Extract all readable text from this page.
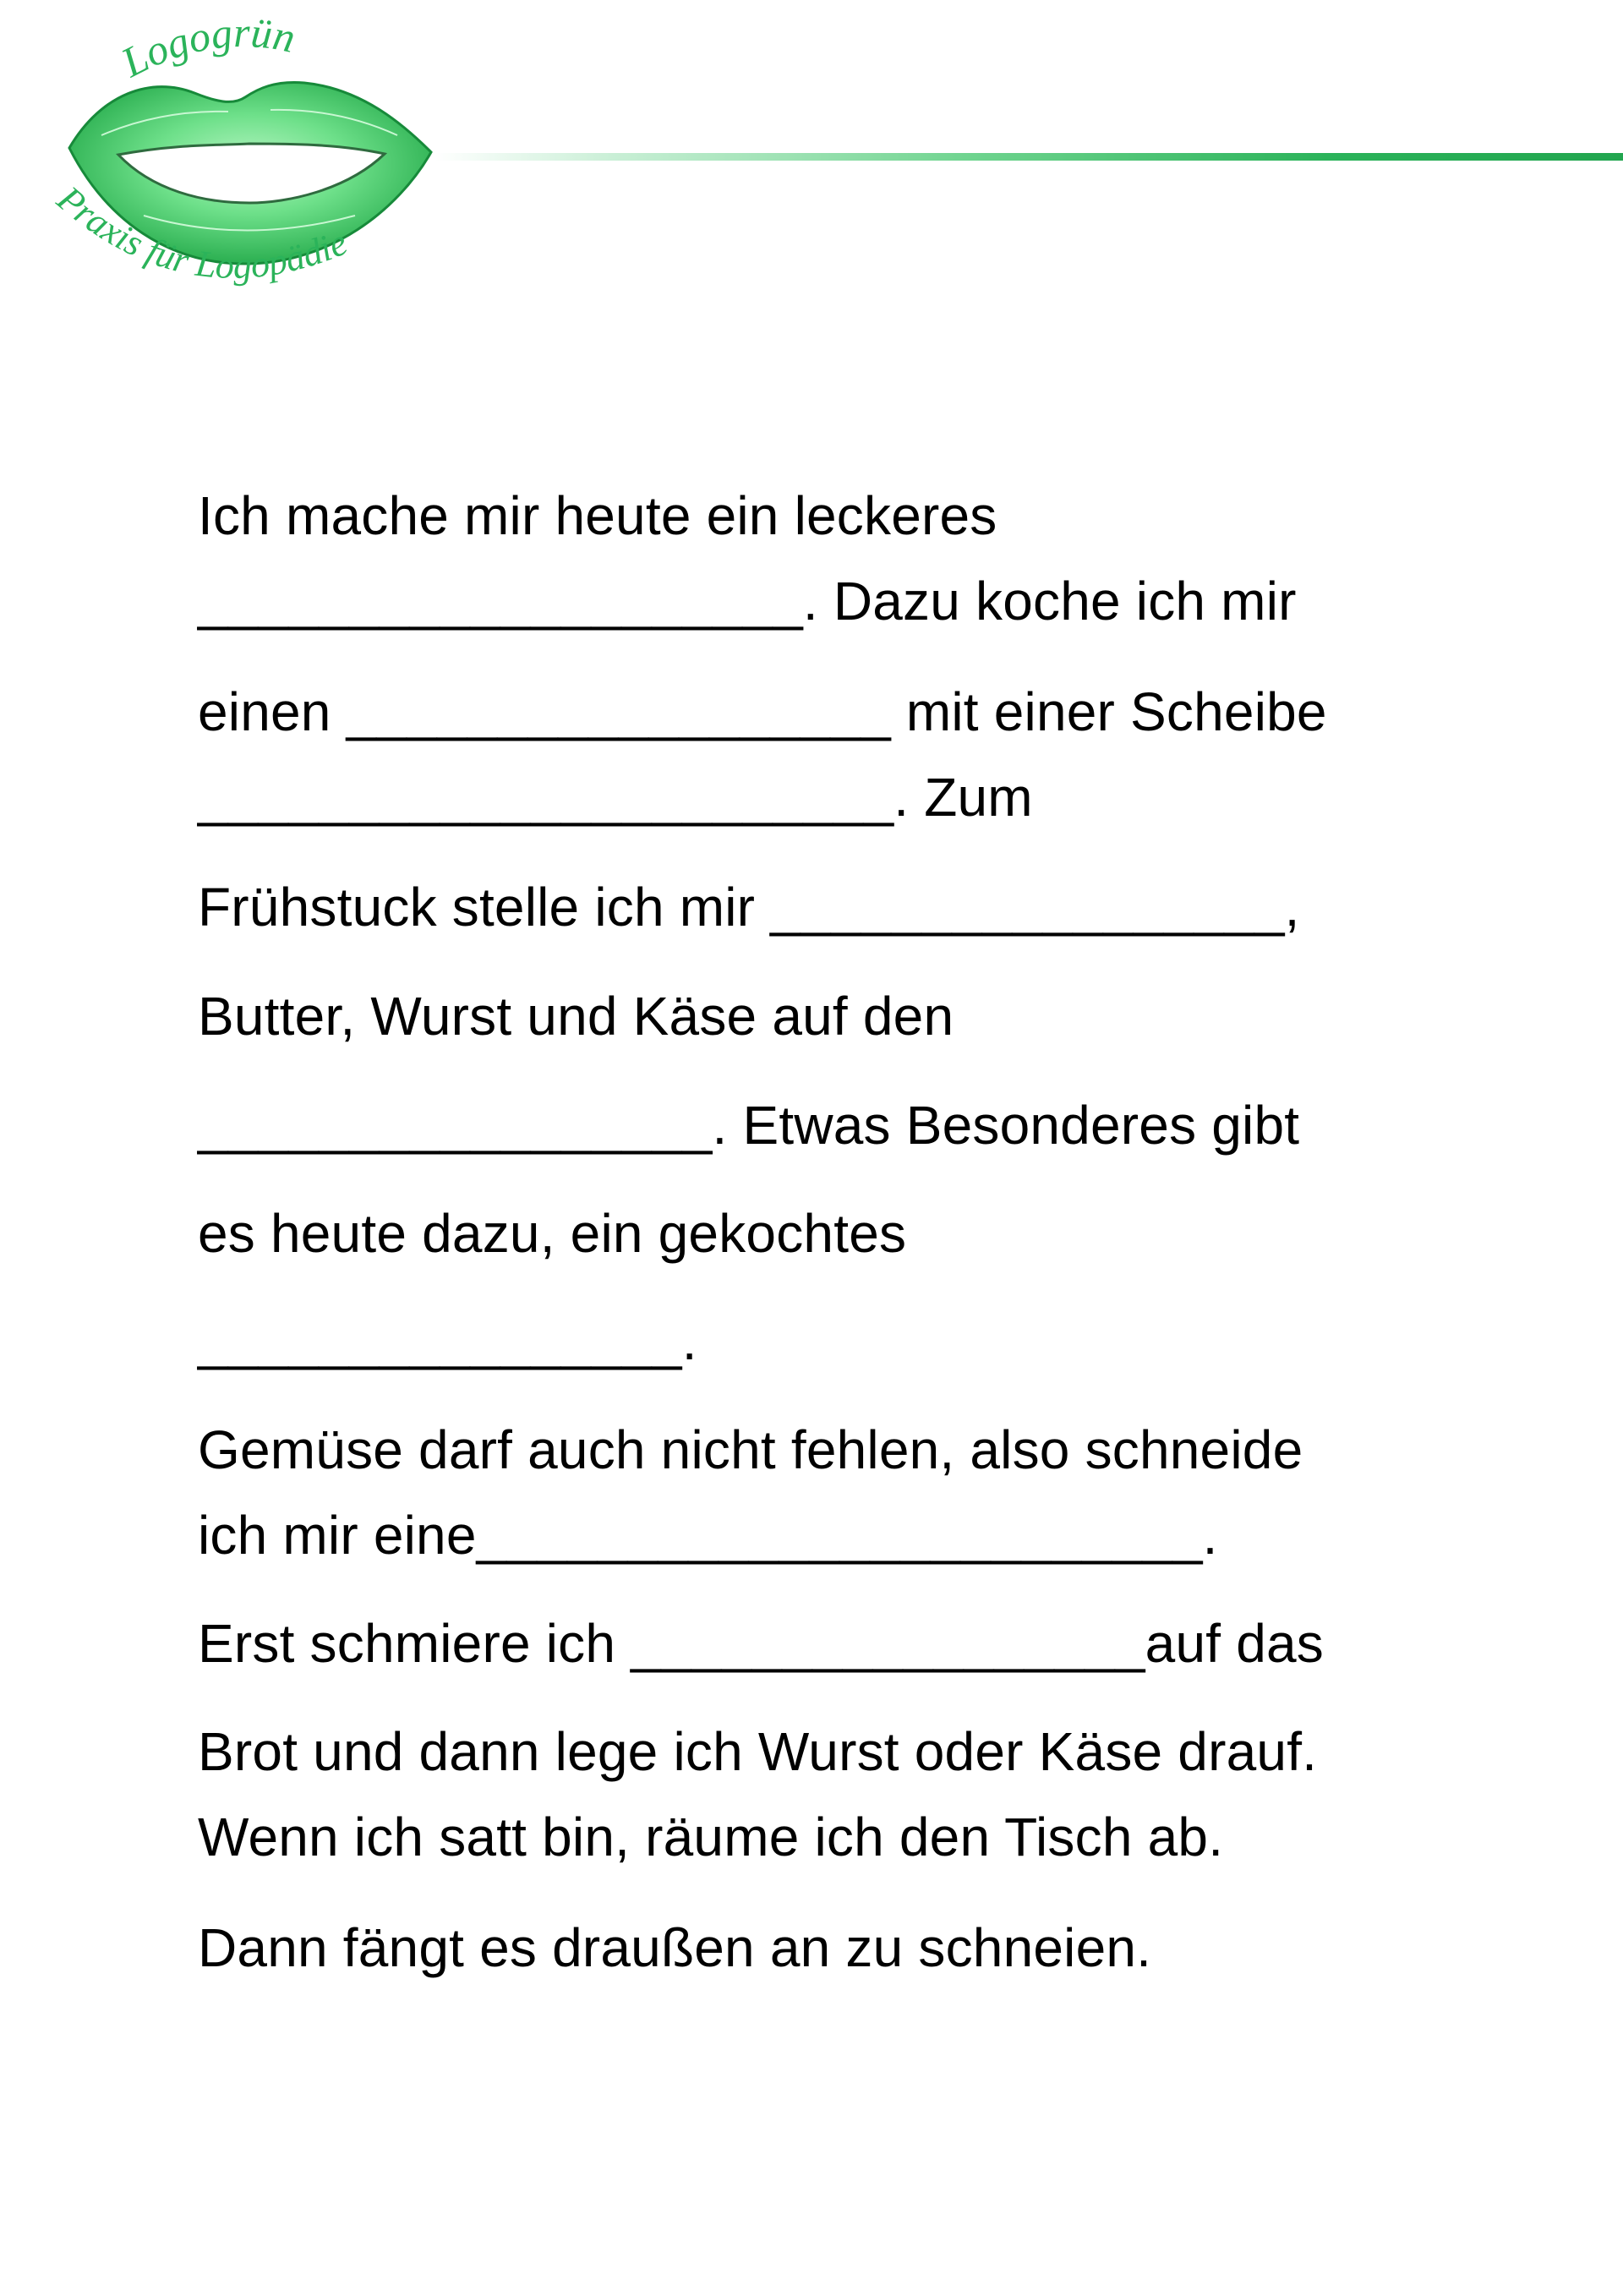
Logogrün
Praxis für Logopädie
Ich mache mir heute ein leckeres
____________________. Dazu koche ich mir
einen __________________ mit einer Scheibe
_______________________. Zum
Frühstuck stelle ich mir _________________,
Butter, Wurst und Käse auf den
_________________. Etwas Besonderes gibt
es heute dazu, ein gekochtes
________________.
Gemüse darf auch nicht fehlen, also schneide
ich mir eine________________________.
Erst schmiere ich _________________auf das
Brot und dann lege ich Wurst oder Käse drauf.
Wenn ich satt bin, räume ich den Tisch ab.
Dann fängt es draußen an zu schneien.
